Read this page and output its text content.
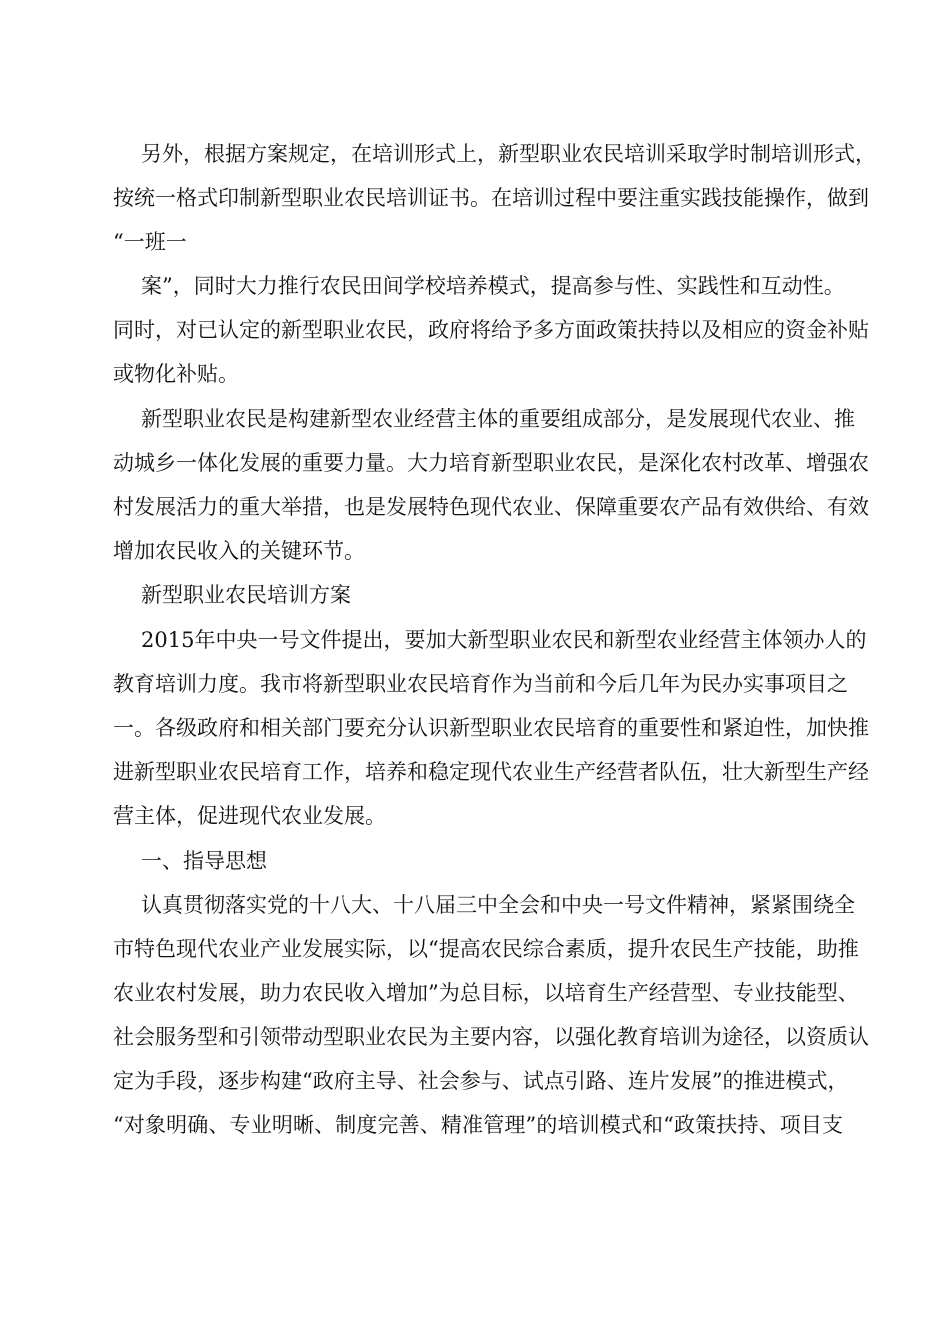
另外，根据方案规定，在培训形式上，新型职业农民培训采取学时制培训形式，
按统一格式印制新型职业农民培训证书。在培训过程中要注重实践技能操作，做到
“一班一
案”，同时大力推行农民田间学校培养模式，提高参与性、实践性和互动性。
同时，对已认定的新型职业农民，政府将给予多方面政策扶持以及相应的资金补贴
或物化补贴。
新型职业农民是构建新型农业经营主体的重要组成部分，是发展现代农业、推
动城乡一体化发展的重要力量。大力培育新型职业农民，是深化农村改革、增强农
村发展活力的重大举措，也是发展特色现代农业、保障重要农产品有效供给、有效
增加农民收入的关键环节。
新型职业农民培训方案
2015年中央一号文件提出，要加大新型职业农民和新型农业经营主体领办人的
教育培训力度。我市将新型职业农民培育作为当前和今后几年为民办实事项目之
一。各级政府和相关部门要充分认识新型职业农民培育的重要性和紧迫性，加快推
进新型职业农民培育工作，培养和稳定现代农业生产经营者队伍，壮大新型生产经
营主体，促进现代农业发展。
一、指导思想
认真贯彻落实党的十八大、十八届三中全会和中央一号文件精神，紧紧围绕全
市特色现代农业产业发展实际，以“提高农民综合素质，提升农民生产技能，助推
农业农村发展，助力农民收入增加”为总目标，以培育生产经营型、专业技能型、
社会服务型和引领带动型职业农民为主要内容，以强化教育培训为途径，以资质认
定为手段，逐步构建“政府主导、社会参与、试点引路、连片发展”的推进模式，
“对象明确、专业明晰、制度完善、精准管理”的培训模式和“政策扶持、项目支
